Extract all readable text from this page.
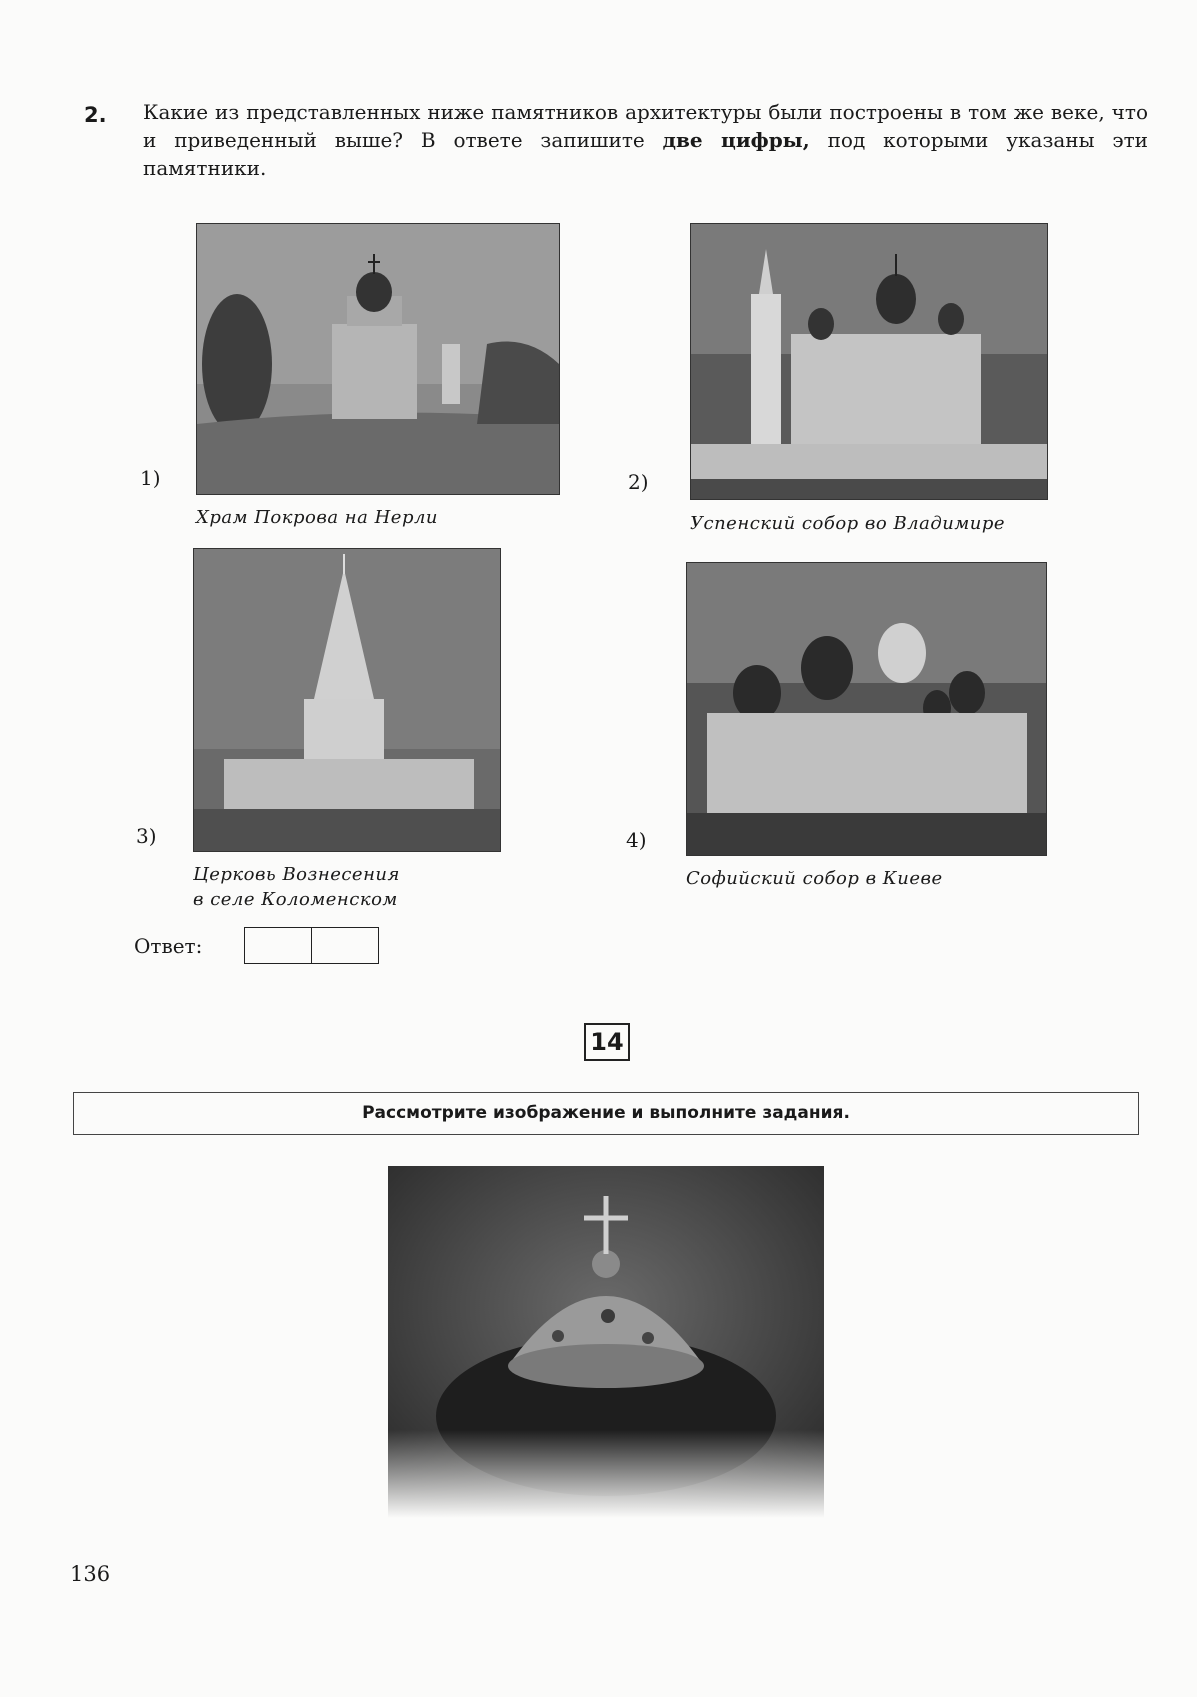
2. Какие из представленных ниже памятников архитектуры были построены в том же веке, что и приведенный выше? В ответе запишите две цифры, под которыми указаны эти памятники.
1)
Храм Покрова на Нерли
2)
Успенский собор во Владимире
3)
Церковь Вознесения
в селе Коломенском
4)
Софийский собор в Киеве
Ответ:
14
Рассмотрите изображение и выполните задания.
136
